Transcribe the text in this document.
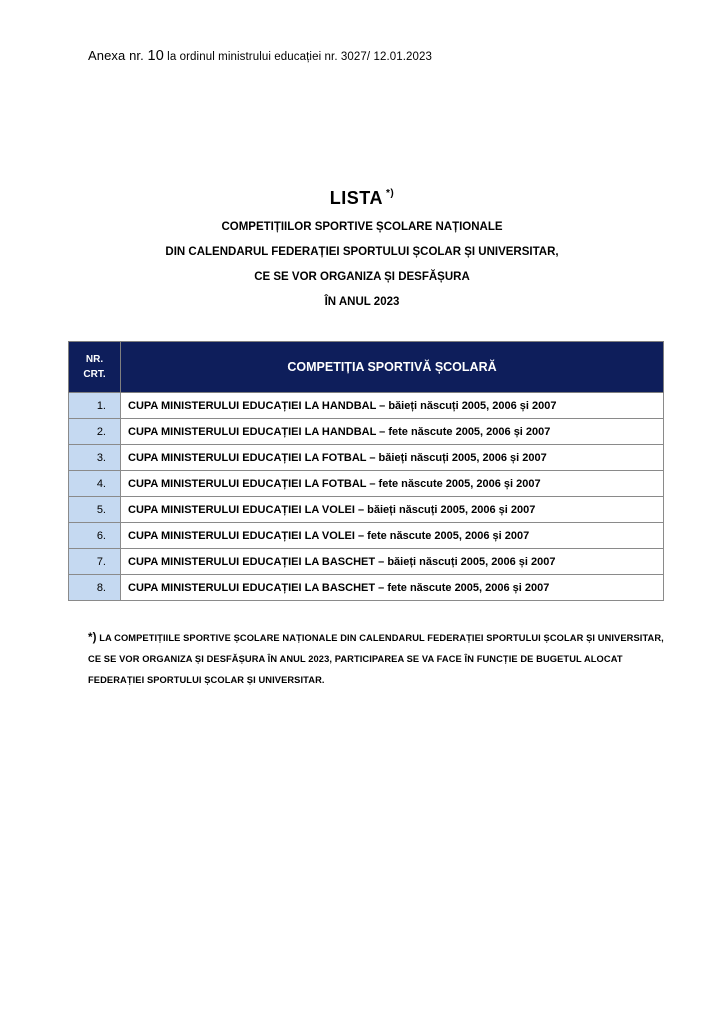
Anexa nr. 10 la ordinul ministrului educației nr. 3027/ 12.01.2023
LISTA *)
COMPETIȚIILOR SPORTIVE ȘCOLARE NAȚIONALE
DIN CALENDARUL FEDERAȚIEI SPORTULUI ȘCOLAR ȘI UNIVERSITAR,
CE SE VOR ORGANIZA ȘI DESFĂȘURA
ÎN ANUL 2023
NR.
CRT.	COMPETIȚIA SPORTIVĂ ȘCOLARĂ
1.	CUPA MINISTERULUI EDUCAȚIEI LA HANDBAL – băieți născuți 2005, 2006 și 2007
2.	CUPA MINISTERULUI EDUCAȚIEI LA HANDBAL – fete născute 2005, 2006 și 2007
3.	CUPA MINISTERULUI EDUCAȚIEI LA FOTBAL – băieți născuți 2005, 2006 și 2007
4.	CUPA MINISTERULUI EDUCAȚIEI LA FOTBAL – fete născute 2005, 2006 și 2007
5.	CUPA MINISTERULUI EDUCAȚIEI LA VOLEI – băieți născuți 2005, 2006 și 2007
6.	CUPA MINISTERULUI EDUCAȚIEI LA VOLEI – fete născute 2005, 2006 și 2007
7.	CUPA MINISTERULUI EDUCAȚIEI LA BASCHET – băieți născuți 2005, 2006 și 2007
8.	CUPA MINISTERULUI EDUCAȚIEI LA BASCHET – fete născute 2005, 2006 și 2007
*) LA COMPETIȚIILE SPORTIVE ȘCOLARE NAȚIONALE DIN CALENDARUL FEDERAȚIEI SPORTULUI ȘCOLAR ȘI UNIVERSITAR, CE SE VOR ORGANIZA ȘI DESFĂȘURA ÎN ANUL 2023, PARTICIPAREA SE VA FACE ÎN FUNCȚIE DE BUGETUL ALOCAT FEDERAȚIEI SPORTULUI ȘCOLAR ȘI UNIVERSITAR.
